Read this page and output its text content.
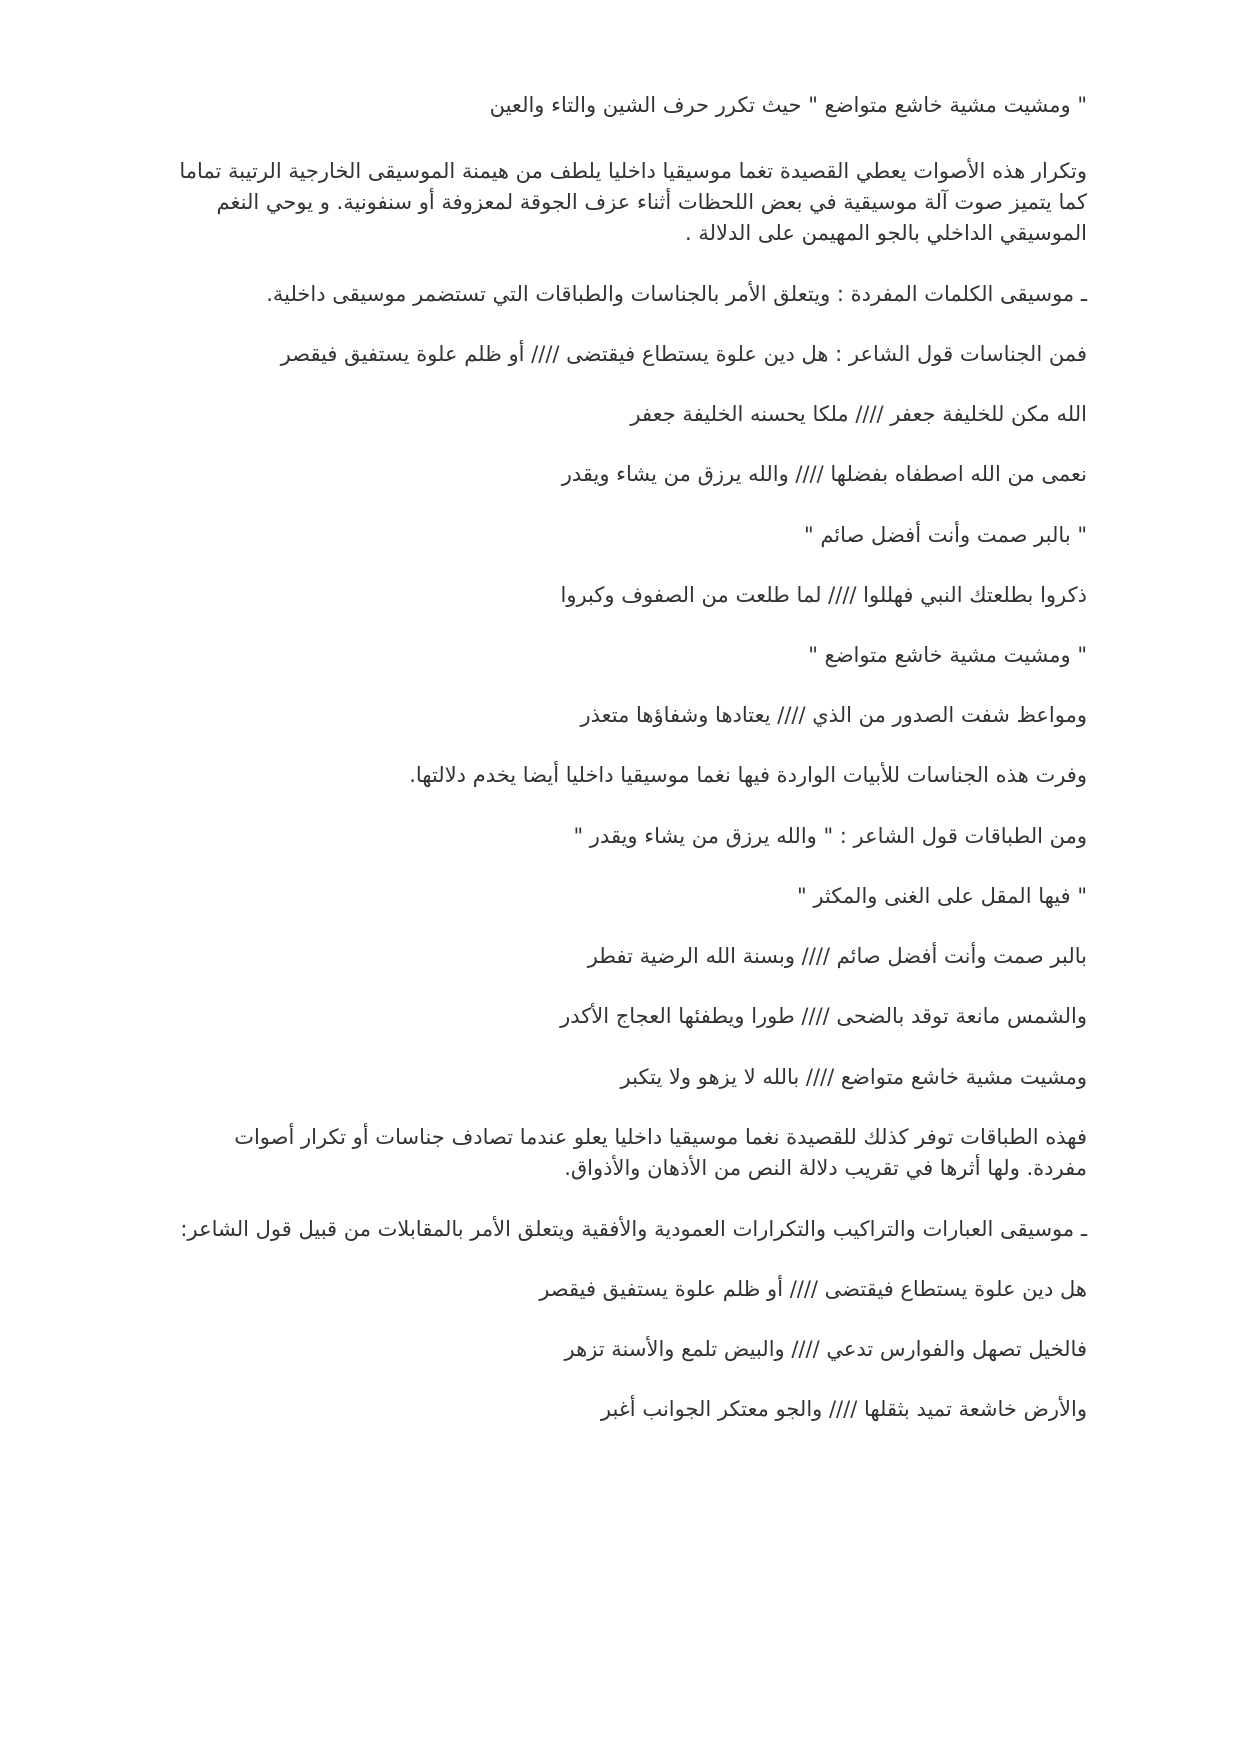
" ومشيت مشية خاشع متواضع " حيث تكرر حرف الشين والتاء والعين

وتكرار هذه الأصوات يعطي القصيدة تغما موسيقيا داخليا يلطف من هيمنة الموسيقى الخارجية الرتيبة تماما
كما يتميز صوت آلة موسيقية في بعض اللحظات أثناء عزف الجوقة لمعزوفة أو سنفونية. و يوحي النغم
الموسيقي الداخلي بالجو المهيمن على الدلالة .

ـ موسيقى الكلمات المفردة : ويتعلق الأمر بالجناسات والطباقات التي تستضمر موسيقى داخلية.

فمن الجناسات قول الشاعر : هل دين علوة يستطاع فيقتضى //// أو ظلم علوة يستفيق فيقصر

الله مكن للخليفة جعفر //// ملكا يحسنه الخليفة جعفر

نعمى من الله اصطفاه بفضلها //// والله يرزق من يشاء ويقدر

" بالبر صمت وأنت أفضل صائم "

ذكروا بطلعتك النبي فهللوا //// لما طلعت من الصفوف وكبروا

" ومشيت مشية خاشع متواضع "

ومواعظ شفت الصدور من الذي //// يعتادها وشفاؤها متعذر

وفرت هذه الجناسات للأبيات الواردة فيها نغما موسيقيا داخليا أيضا يخدم دلالتها.

ومن الطباقات قول الشاعر : " والله يرزق من يشاء ويقدر "

" فيها المقل على الغنى والمكثر "

بالبر صمت وأنت أفضل صائم //// وبسنة الله الرضية تفطر

والشمس مانعة توقد بالضحى //// طورا ويطفئها العجاج الأكدر

ومشيت مشية خاشع متواضع //// بالله لا يزهو ولا يتكبر

فهذه الطباقات توفر كذلك للقصيدة نغما موسيقيا داخليا يعلو عندما تصادف جناسات أو تكرار أصوات
مفردة. ولها أثرها في تقريب دلالة النص من الأذهان والأذواق.

ـ موسيقى العبارات والتراكيب والتكرارات العمودية والأفقية ويتعلق الأمر بالمقابلات من قبيل قول الشاعر:

هل دين علوة يستطاع فيقتضى //// أو ظلم علوة يستفيق فيقصر

فالخيل تصهل والفوارس تدعي //// والبيض تلمع والأسنة تزهر

والأرض خاشعة تميد بثقلها //// والجو معتكر الجوانب أغبر
